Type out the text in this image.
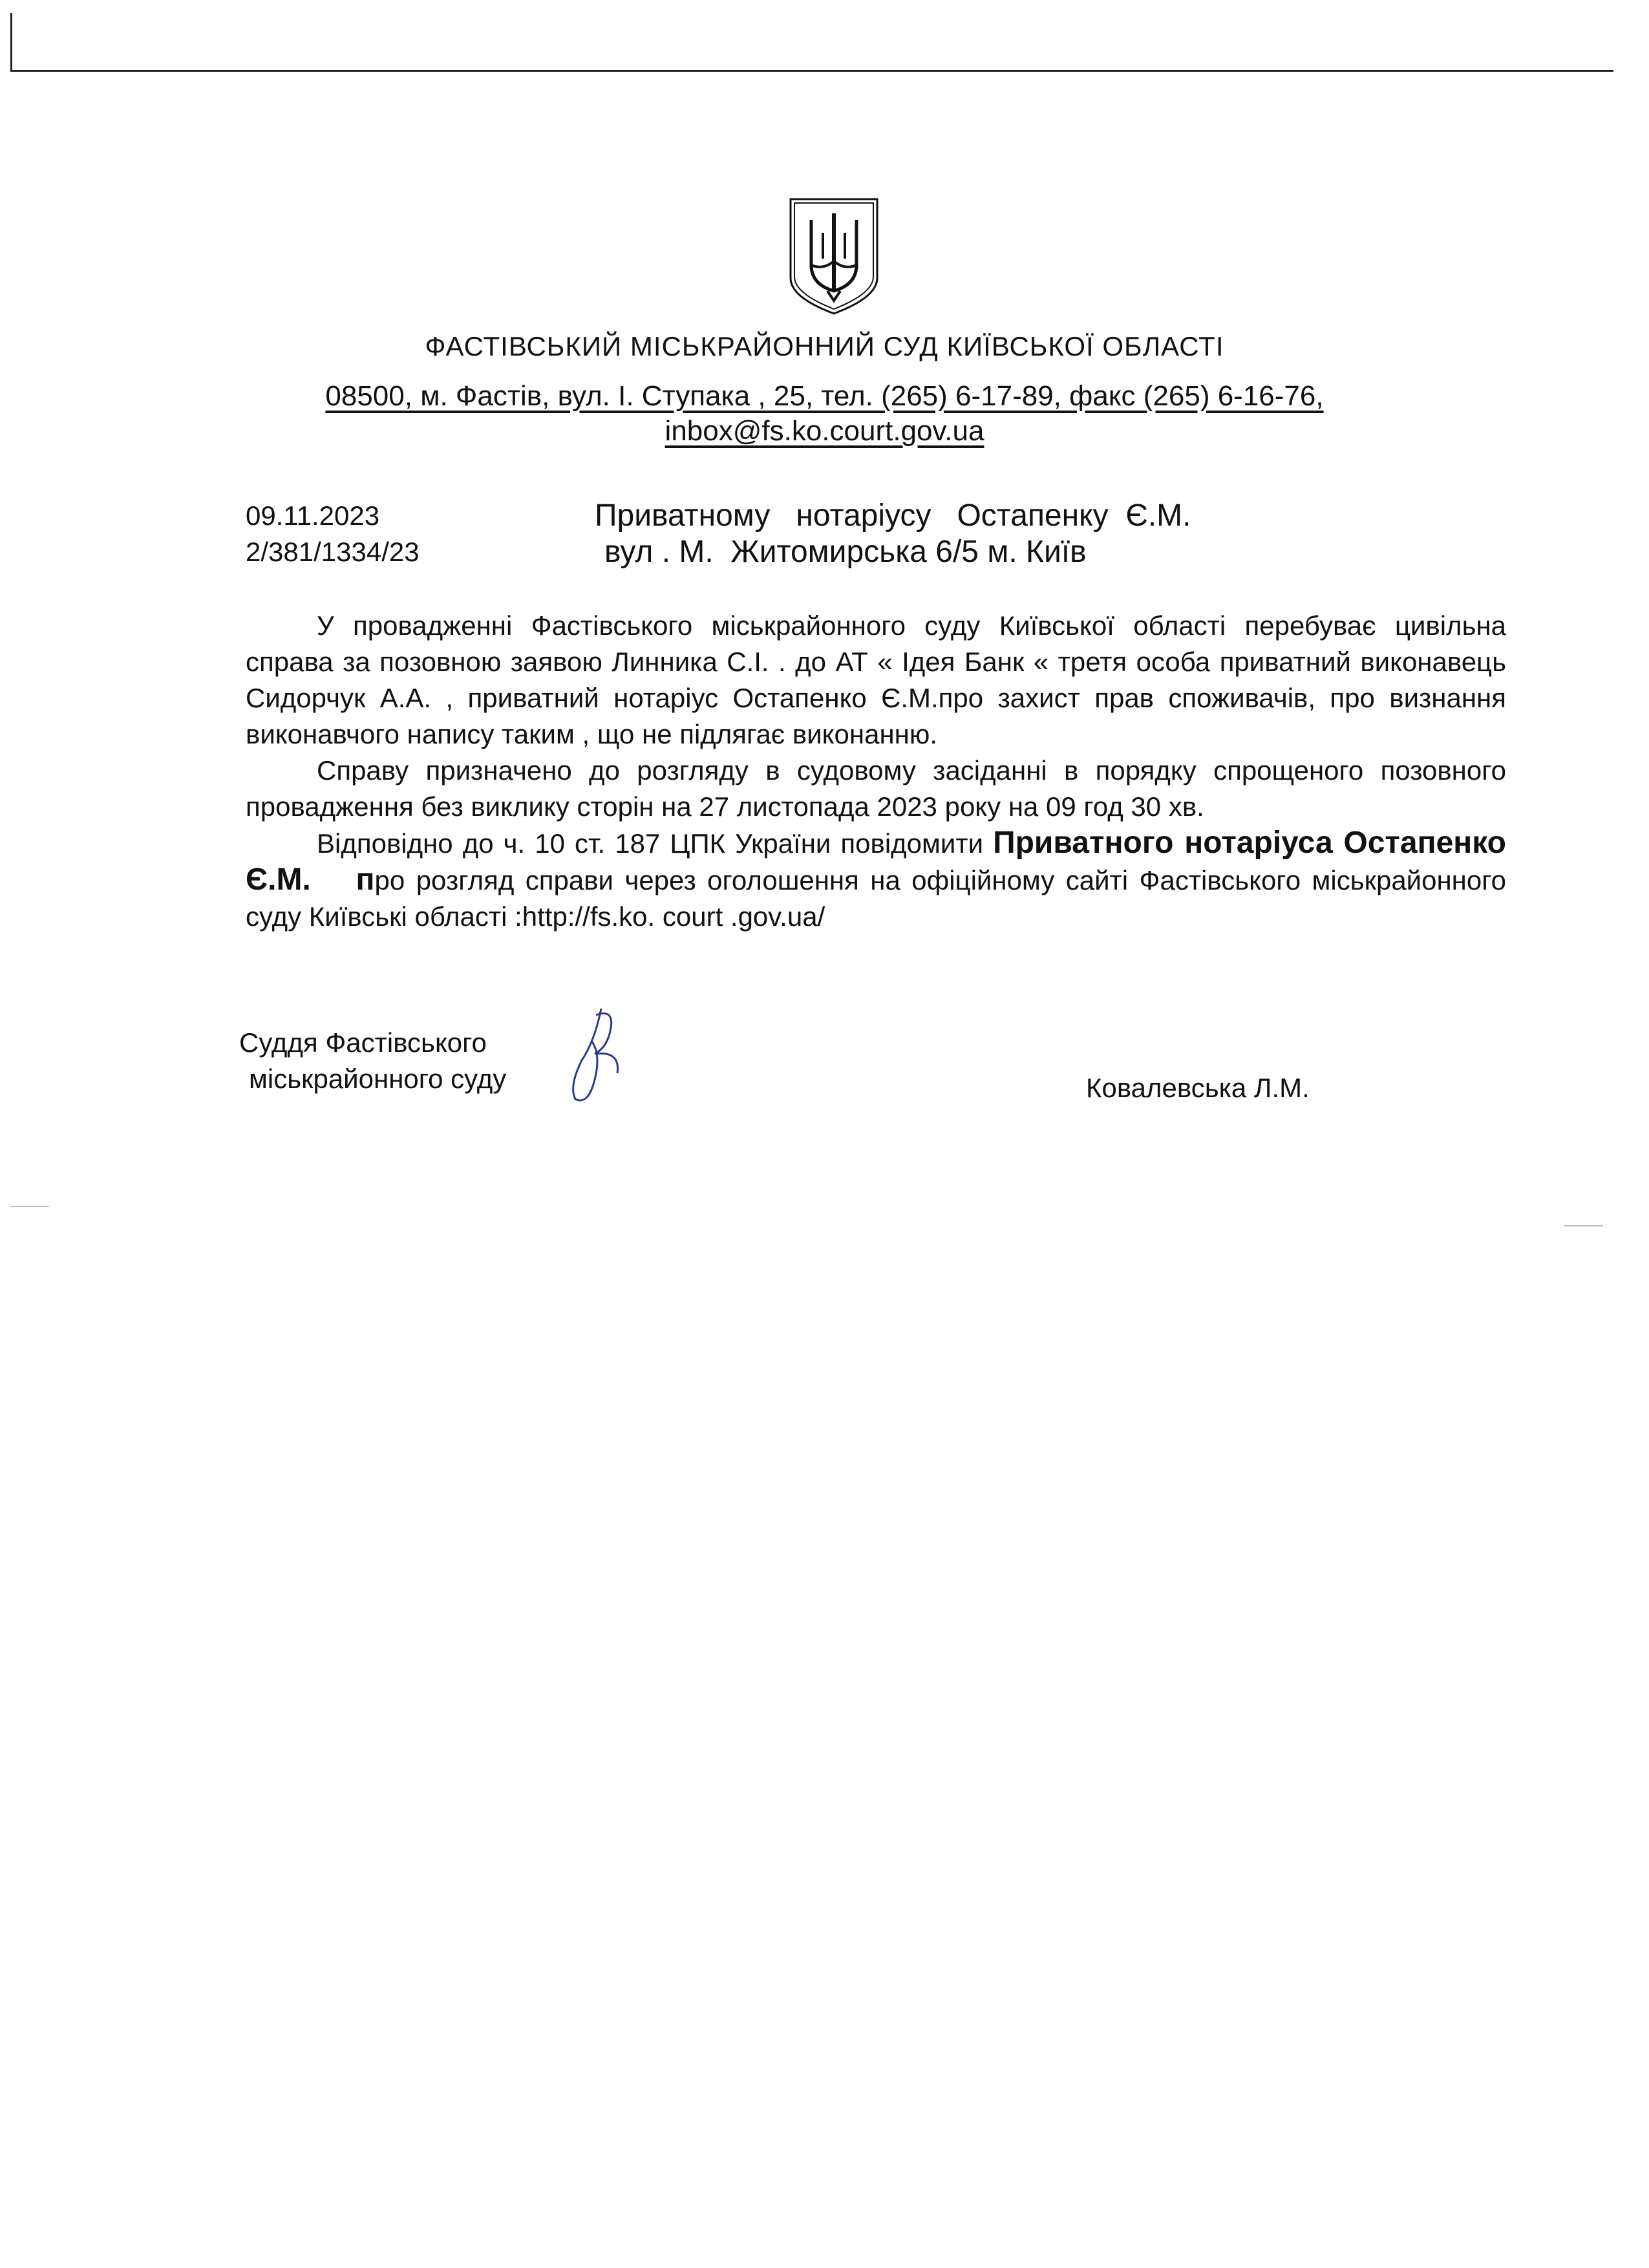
ФАСТІВСЬКИЙ МІСЬКРАЙОННИЙ СУД КИЇВСЬКОЇ ОБЛАСТІ
08500, м. Фастів, вул. І. Ступака , 25, тел. (265) 6-17-89, факс (265) 6-16-76,
inbox@fs.ko.court.gov.ua
09.11.2023
2/381/1334/23
Приватному   нотаріусу   Остапенку  Є.М.
вул . М.  Житомирська 6/5 м. Київ

У провадженні Фастівського міськрайонного суду Київської області перебуває цивільна справа за позовною заявою Линника С.І. . до АТ « Ідея Банк « третя особа приватний виконавець Сидорчук А.А. , приватний нотаріус Остапенко Є.М.про захист прав споживачів, про визнання виконавчого напису таким , що не підлягає виконанню.

Справу призначено до розгляду в судовому засіданні в порядку спрощеного позовного провадження без виклику сторін на 27 листопада 2023 року на 09 год 30 хв.

Відповідно до ч. 10 ст. 187 ЦПК України повідомити Приватного нотаріуса Остапенко Є.М. про розгляд справи через оголошення на офіційному сайті Фастівського міськрайонного суду Київські області :http://fs.ko. court .gov.ua/

Суддя Фастівського
міськрайонного суду	Ковалевська Л.М.
